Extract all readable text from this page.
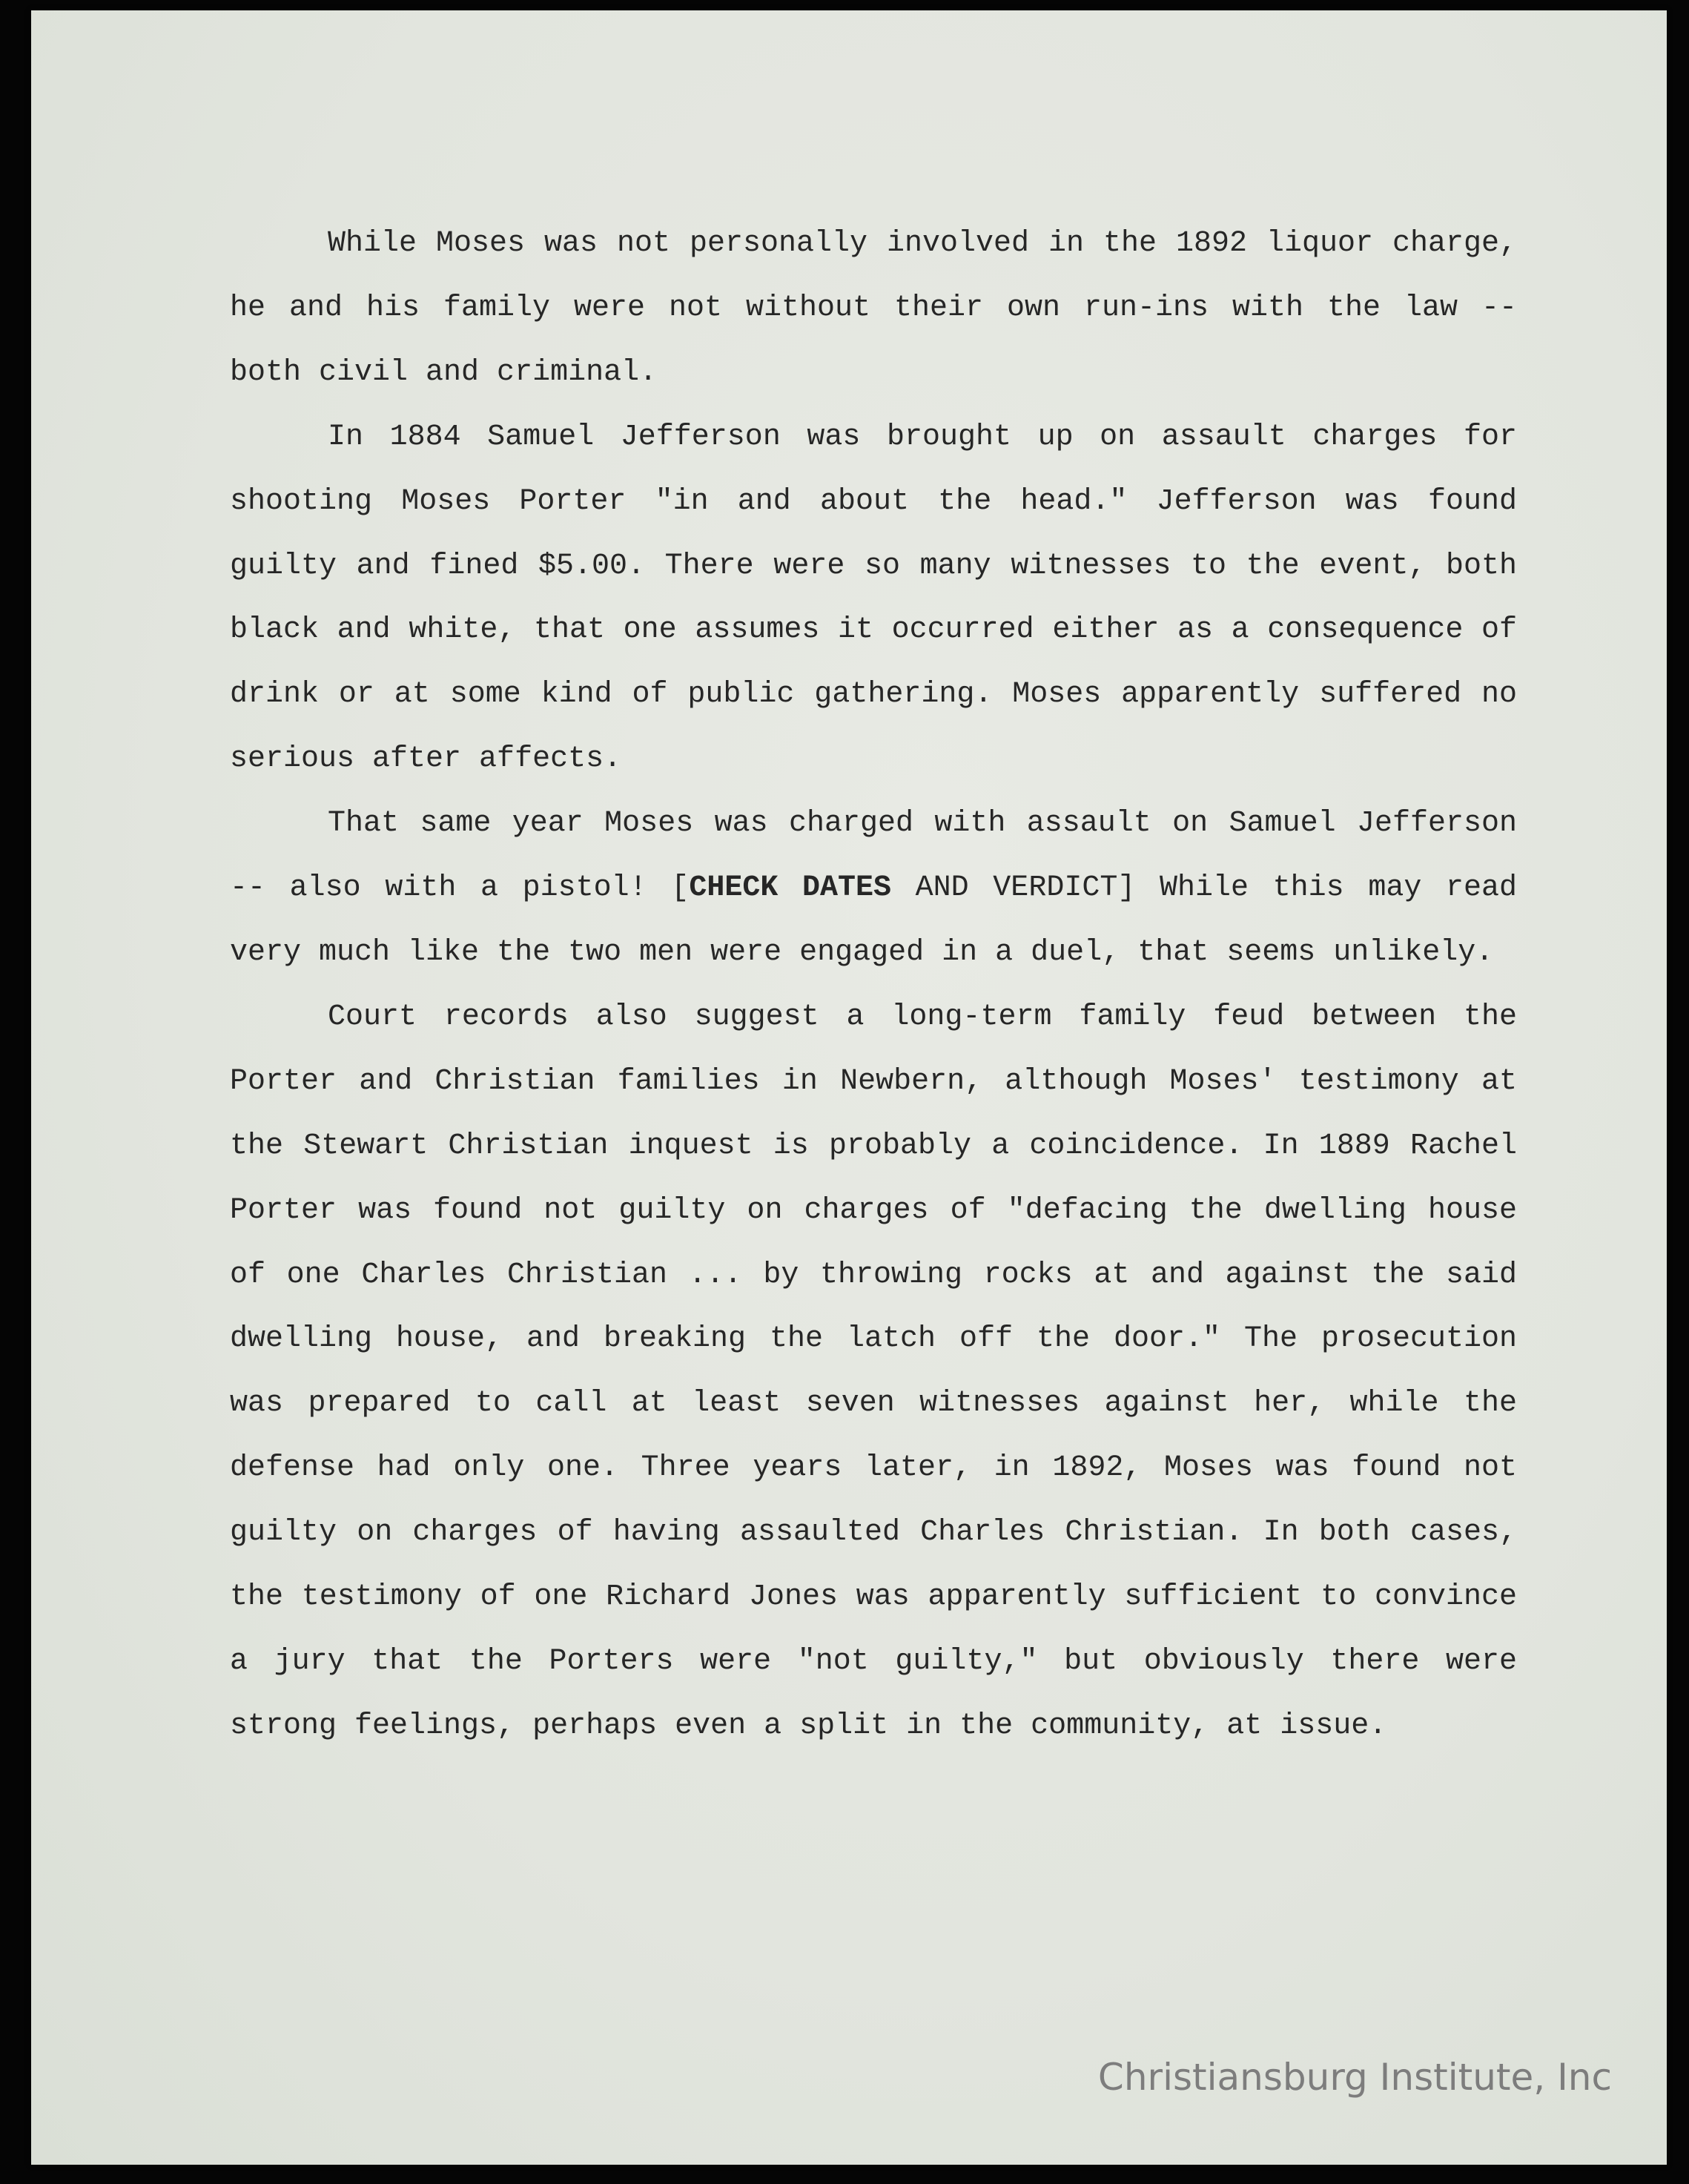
While Moses was not personally involved in the 1892 liquor charge, he and his family were not without their own run-ins with the law -- both civil and criminal.

In 1884 Samuel Jefferson was brought up on assault charges for shooting Moses Porter "in and about the head." Jefferson was found guilty and fined $5.00. There were so many witnesses to the event, both black and white, that one assumes it occurred either as a consequence of drink or at some kind of public gathering. Moses apparently suffered no serious after affects.

That same year Moses was charged with assault on Samuel Jefferson -- also with a pistol! [CHECK DATES AND VERDICT] While this may read very much like the two men were engaged in a duel, that seems unlikely.

Court records also suggest a long-term family feud between the Porter and Christian families in Newbern, although Moses' testimony at the Stewart Christian inquest is probably a coincidence. In 1889 Rachel Porter was found not guilty on charges of "defacing the dwelling house of one Charles Christian ... by throwing rocks at and against the said dwelling house, and breaking the latch off the door." The prosecution was prepared to call at least seven witnesses against her, while the defense had only one. Three years later, in 1892, Moses was found not guilty on charges of having assaulted Charles Christian. In both cases, the testimony of one Richard Jones was apparently sufficient to convince a jury that the Porters were "not guilty," but obviously there were strong feelings, perhaps even a split in the community, at issue.

Christiansburg Institute, Inc
